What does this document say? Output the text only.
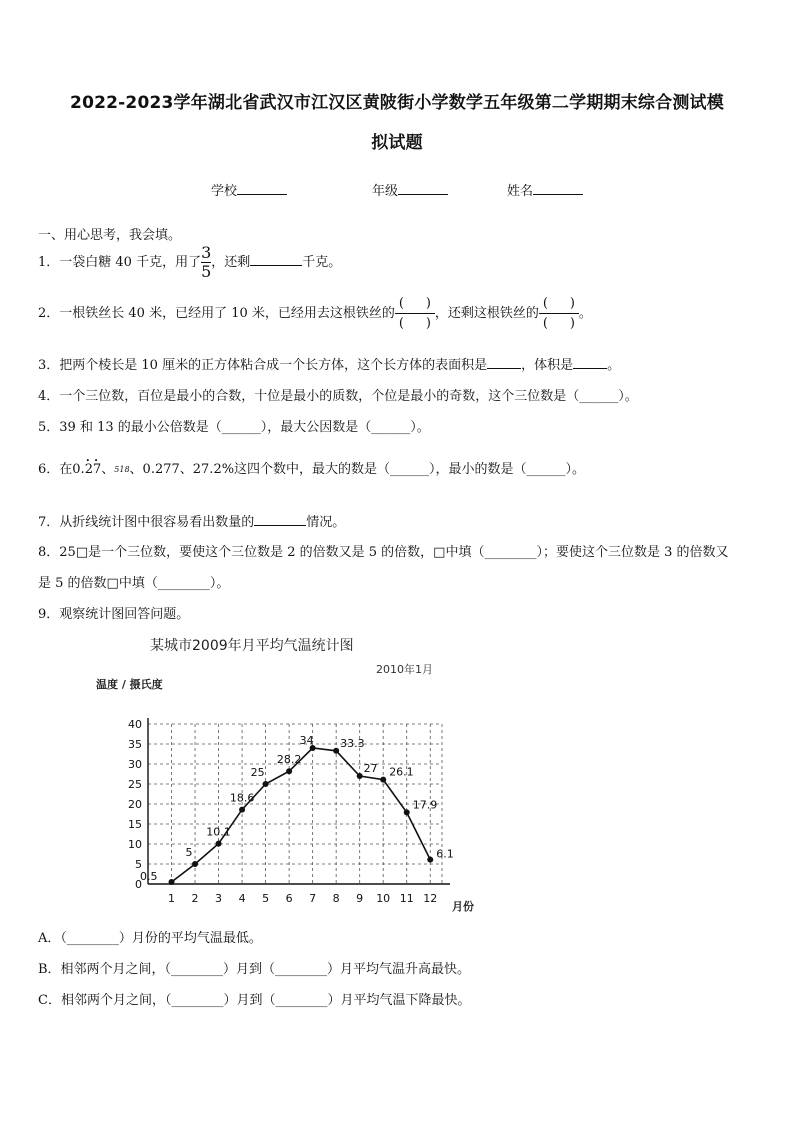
2022-2023学年湖北省武汉市江汉区黄陂街小学数学五年级第二学期期末综合测试模
拟试题
学校	年级	姓名
一、用心思考，我会填。
1．一袋白糖 40 千克，用了 $\frac{3}{5}$ ，还剩	千克。
2．一根铁丝长 40 米，已经用了 10 米，已经用去这根铁丝的
( )
( )
，还剩这根铁丝的
( )
( )
。
3．把两个棱长是 10 厘米的正方体粘合成一个长方体，这个长方体的表面积是	，体积是	。
4．一个三位数，百位是最小的合数，十位是最小的质数，个位是最小的奇数，这个三位数是（______）。
5．39 和 13 的最小公倍数是（______），最大公因数是（______）。
6．在0.• 2• 7、518、0.277、27.2%这四个数中，最大的数是（______），最小的数是（______）。
7．从折线统计图中很容易看出数量的	情况。
8．25□是一个三位数，要使这个三位数是 2 的倍数又是 5 的倍数，□中填（________）；要使这个三位数是 3 的倍数又
是 5 的倍数□中填（________）。
9．观察统计图回答问题。
某城市2009年月平均气温统计图
2010年1月
温度 / 摄氏度
0
5
10
15
20
25
30
35
40
1 2 3 4 5 6 7 8 9 10 11 12
月份
0.5
5
10.1
18.6
25
28.2
34 33.3
27 26.1
17.9
6.1
A．（________）月份的平均气温最低。
B．相邻两个月之间，（________）月到（________）月平均气温升高最快。
C．相邻两个月之间，（________）月到（________）月平均气温下降最快。
